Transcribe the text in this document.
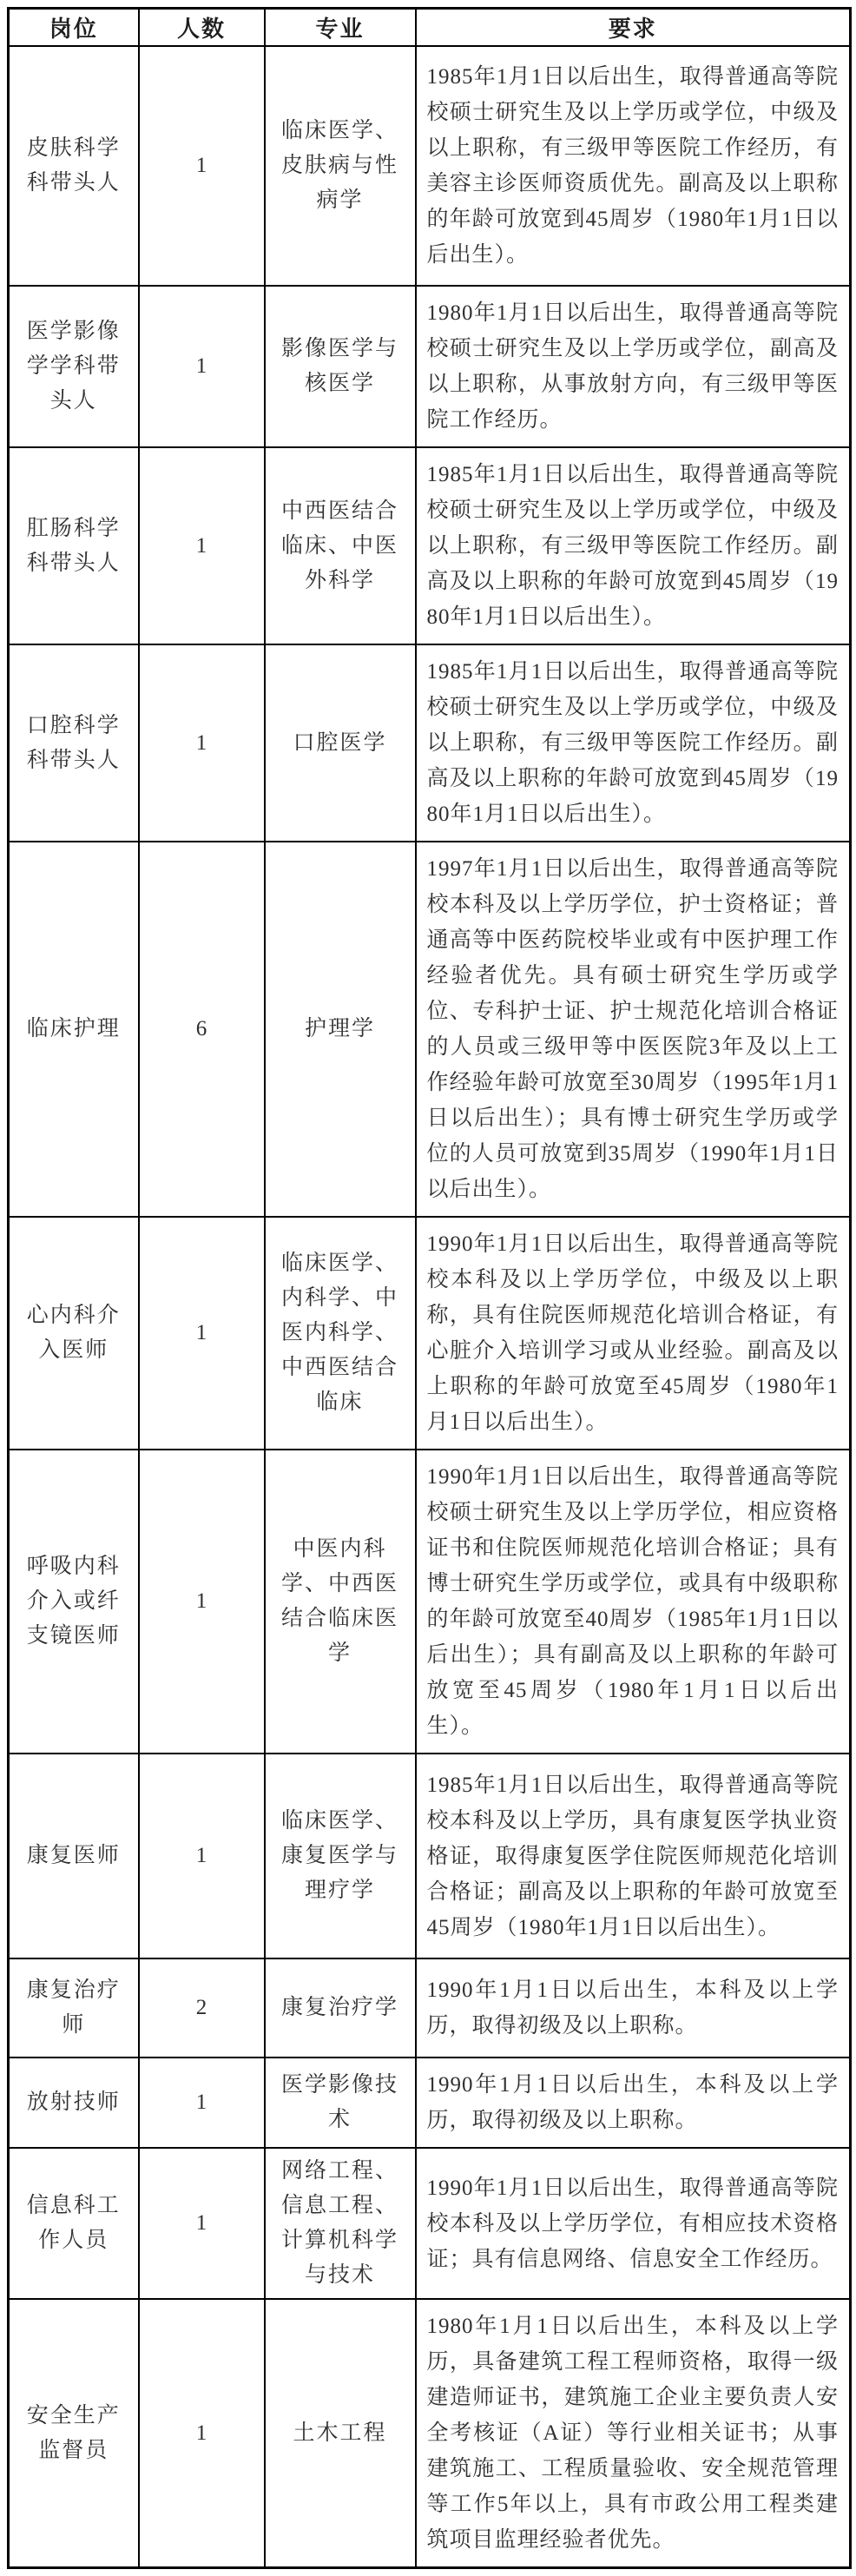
岗位	人数	专业	要求
皮肤科学科带头人	1	临床医学、皮肤病与性病学	1985年1月1日以后出生，取得普通高等院校硕士研究生及以上学历或学位，中级及以上职称，有三级甲等医院工作经历，有美容主诊医师资质优先。副高及以上职称的年龄可放宽到45周岁（1980年1月1日以后出生）。
医学影像学学科带头人	1	影像医学与核医学	1980年1月1日以后出生，取得普通高等院校硕士研究生及以上学历或学位，副高及以上职称，从事放射方向，有三级甲等医院工作经历。
肛肠科学科带头人	1	中西医结合临床、中医外科学	1985年1月1日以后出生，取得普通高等院校硕士研究生及以上学历或学位，中级及以上职称，有三级甲等医院工作经历。副高及以上职称的年龄可放宽到45周岁（1980年1月1日以后出生）。
口腔科学科带头人	1	口腔医学	1985年1月1日以后出生，取得普通高等院校硕士研究生及以上学历或学位，中级及以上职称，有三级甲等医院工作经历。副高及以上职称的年龄可放宽到45周岁（1980年1月1日以后出生）。
临床护理	6	护理学	1997年1月1日以后出生，取得普通高等院校本科及以上学历学位，护士资格证；普通高等中医药院校毕业或有中医护理工作经验者优先。具有硕士研究生学历或学位、专科护士证、护士规范化培训合格证的人员或三级甲等中医医院3年及以上工作经验年龄可放宽至30周岁（1995年1月1日以后出生）；具有博士研究生学历或学位的人员可放宽到35周岁（1990年1月1日以后出生）。
心内科介入医师	1	临床医学、内科学、中医内科学、中西医结合临床	1990年1月1日以后出生，取得普通高等院校本科及以上学历学位，中级及以上职称，具有住院医师规范化培训合格证，有心脏介入培训学习或从业经验。副高及以上职称的年龄可放宽至45周岁（1980年1月1日以后出生）。
呼吸内科介入或纤支镜医师	1	中医内科学、中西医结合临床医学	1990年1月1日以后出生，取得普通高等院校硕士研究生及以上学历学位，相应资格证书和住院医师规范化培训合格证；具有博士研究生学历或学位，或具有中级职称的年龄可放宽至40周岁（1985年1月1日以后出生）；具有副高及以上职称的年龄可放宽至45周岁（1980年1月1日以后出生）。
康复医师	1	临床医学、康复医学与理疗学	1985年1月1日以后出生，取得普通高等院校本科及以上学历，具有康复医学执业资格证，取得康复医学住院医师规范化培训合格证；副高及以上职称的年龄可放宽至45周岁（1980年1月1日以后出生）。
康复治疗师	2	康复治疗学	1990年1月1日以后出生，本科及以上学历，取得初级及以上职称。
放射技师	1	医学影像技术	1990年1月1日以后出生，本科及以上学历，取得初级及以上职称。
信息科工作人员	1	网络工程、信息工程、计算机科学与技术	1990年1月1日以后出生，取得普通高等院校本科及以上学历学位，有相应技术资格证；具有信息网络、信息安全工作经历。
安全生产监督员	1	土木工程	1980年1月1日以后出生，本科及以上学历，具备建筑工程工程师资格，取得一级建造师证书，建筑施工企业主要负责人安全考核证（A证）等行业相关证书；从事建筑施工、工程质量验收、安全规范管理等工作5年以上，具有市政公用工程类建筑项目监理经验者优先。
